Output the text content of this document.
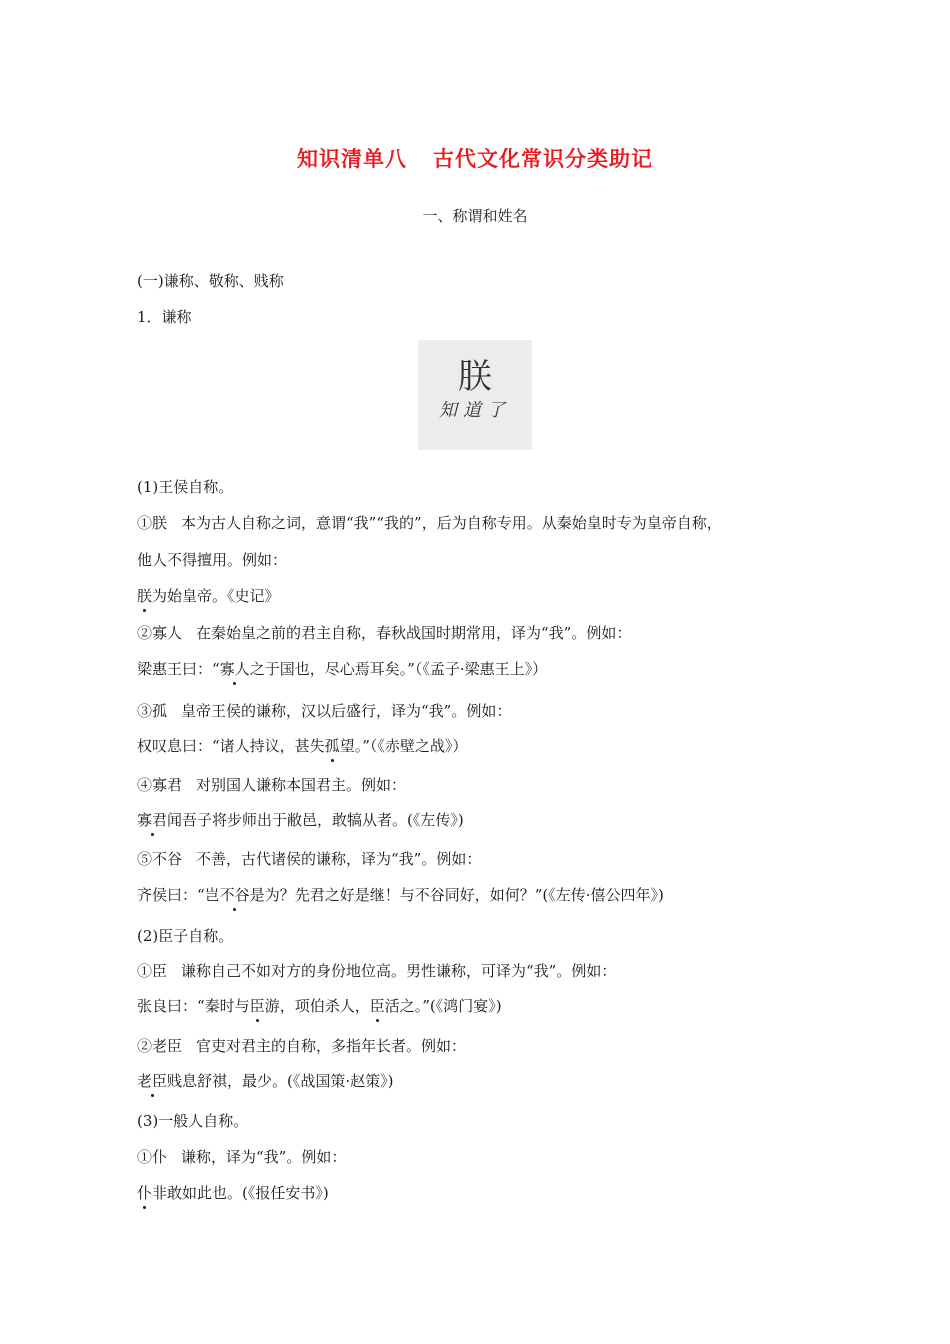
知识清单八 古代文化常识分类助记
一、称谓和姓名
(一)谦称、敬称、贱称
1．谦称
朕
知道了
(1)王侯自称。
①朕 本为古人自称之词，意谓“我”“我的”，后为自称专用。从秦始皇时专为皇帝自称，
他人不得擅用。例如：
朕为始皇帝。《史记》
②寡人 在秦始皇之前的君主自称，春秋战国时期常用，译为“我”。例如：
梁惠王曰：“寡人之于国也，尽心焉耳矣。”（《孟子·梁惠王上》）
③孤 皇帝王侯的谦称，汉以后盛行，译为“我”。例如：
权叹息曰：“诸人持议，甚失孤望。”（《赤壁之战》）
④寡君 对别国人谦称本国君主。例如：
寡君闻吾子将步师出于敝邑，敢犒从者。(《左传》)
⑤不谷 不善，古代诸侯的谦称，译为“我”。例如：
齐侯曰：“岂不谷是为？先君之好是继！与不谷同好，如何？”(《左传·僖公四年》)
(2)臣子自称。
①臣 谦称自己不如对方的身份地位高。男性谦称，可译为“我”。例如：
张良曰：“秦时与臣游，项伯杀人，臣活之。”(《鸿门宴》)
②老臣 官吏对君主的自称，多指年长者。例如：
老臣贱息舒祺，最少。(《战国策·赵策》)
(3)一般人自称。
①仆 谦称，译为“我”。例如：
仆非敢如此也。(《报任安书》)
